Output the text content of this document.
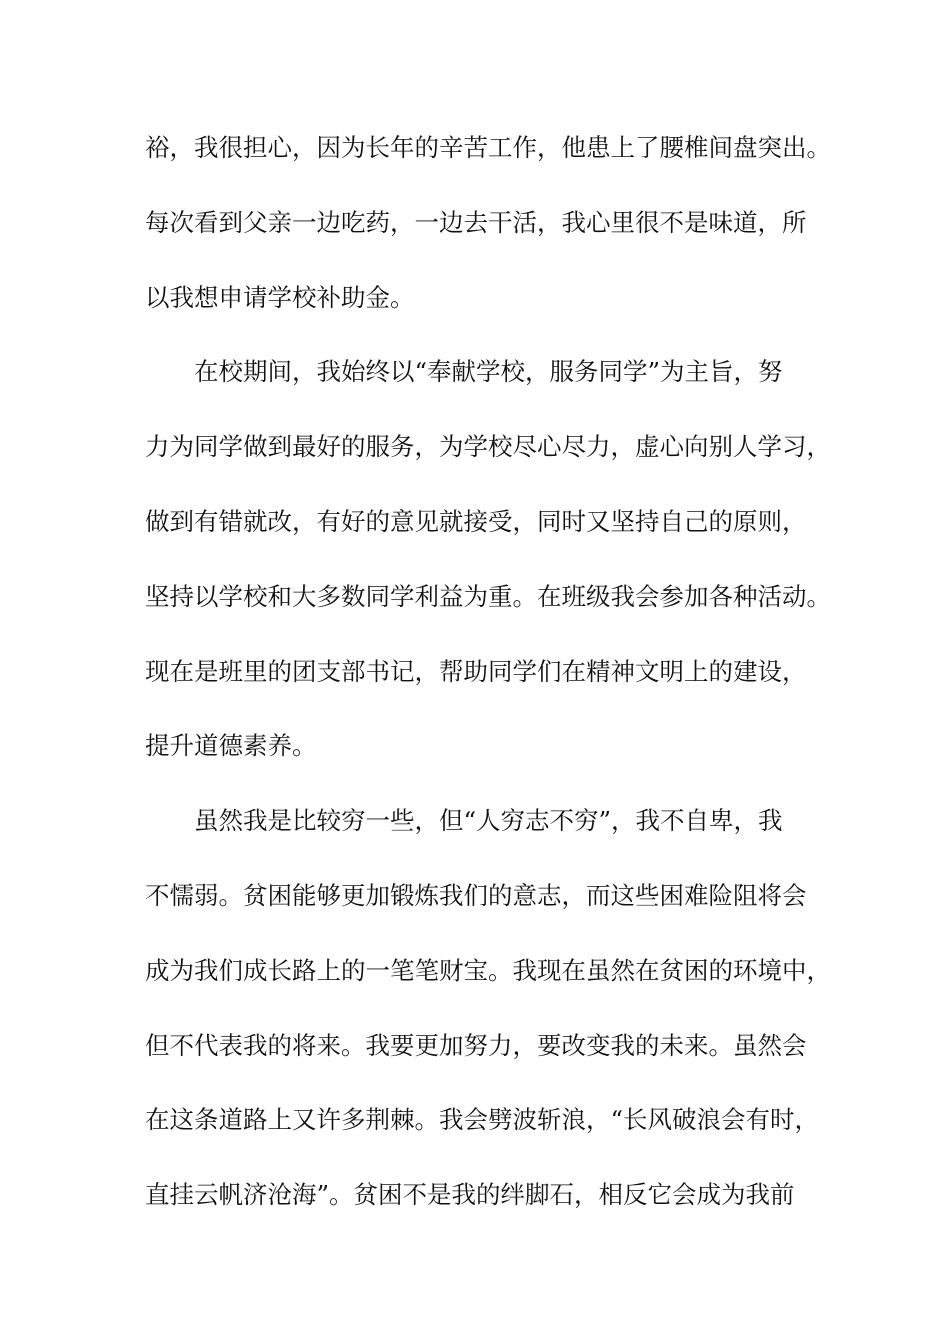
裕，我很担心，因为长年的辛苦工作，他患上了腰椎间盘突出。
每次看到父亲一边吃药，一边去干活，我心里很不是味道，所
以我想申请学校补助金。
　　在校期间，我始终以“奉献学校，服务同学”为主旨，努
力为同学做到最好的服务，为学校尽心尽力，虚心向别人学习，
做到有错就改，有好的意见就接受，同时又坚持自己的原则，
坚持以学校和大多数同学利益为重。在班级我会参加各种活动。
现在是班里的团支部书记，帮助同学们在精神文明上的建设，
提升道德素养。
　　虽然我是比较穷一些，但“人穷志不穷”，我不自卑，我
不懦弱。贫困能够更加锻炼我们的意志，而这些困难险阻将会
成为我们成长路上的一笔笔财宝。我现在虽然在贫困的环境中，
但不代表我的将来。我要更加努力，要改变我的未来。虽然会
在这条道路上又许多荆棘。我会劈波斩浪，“长风破浪会有时，
直挂云帆济沧海”。贫困不是我的绊脚石，相反它会成为我前
